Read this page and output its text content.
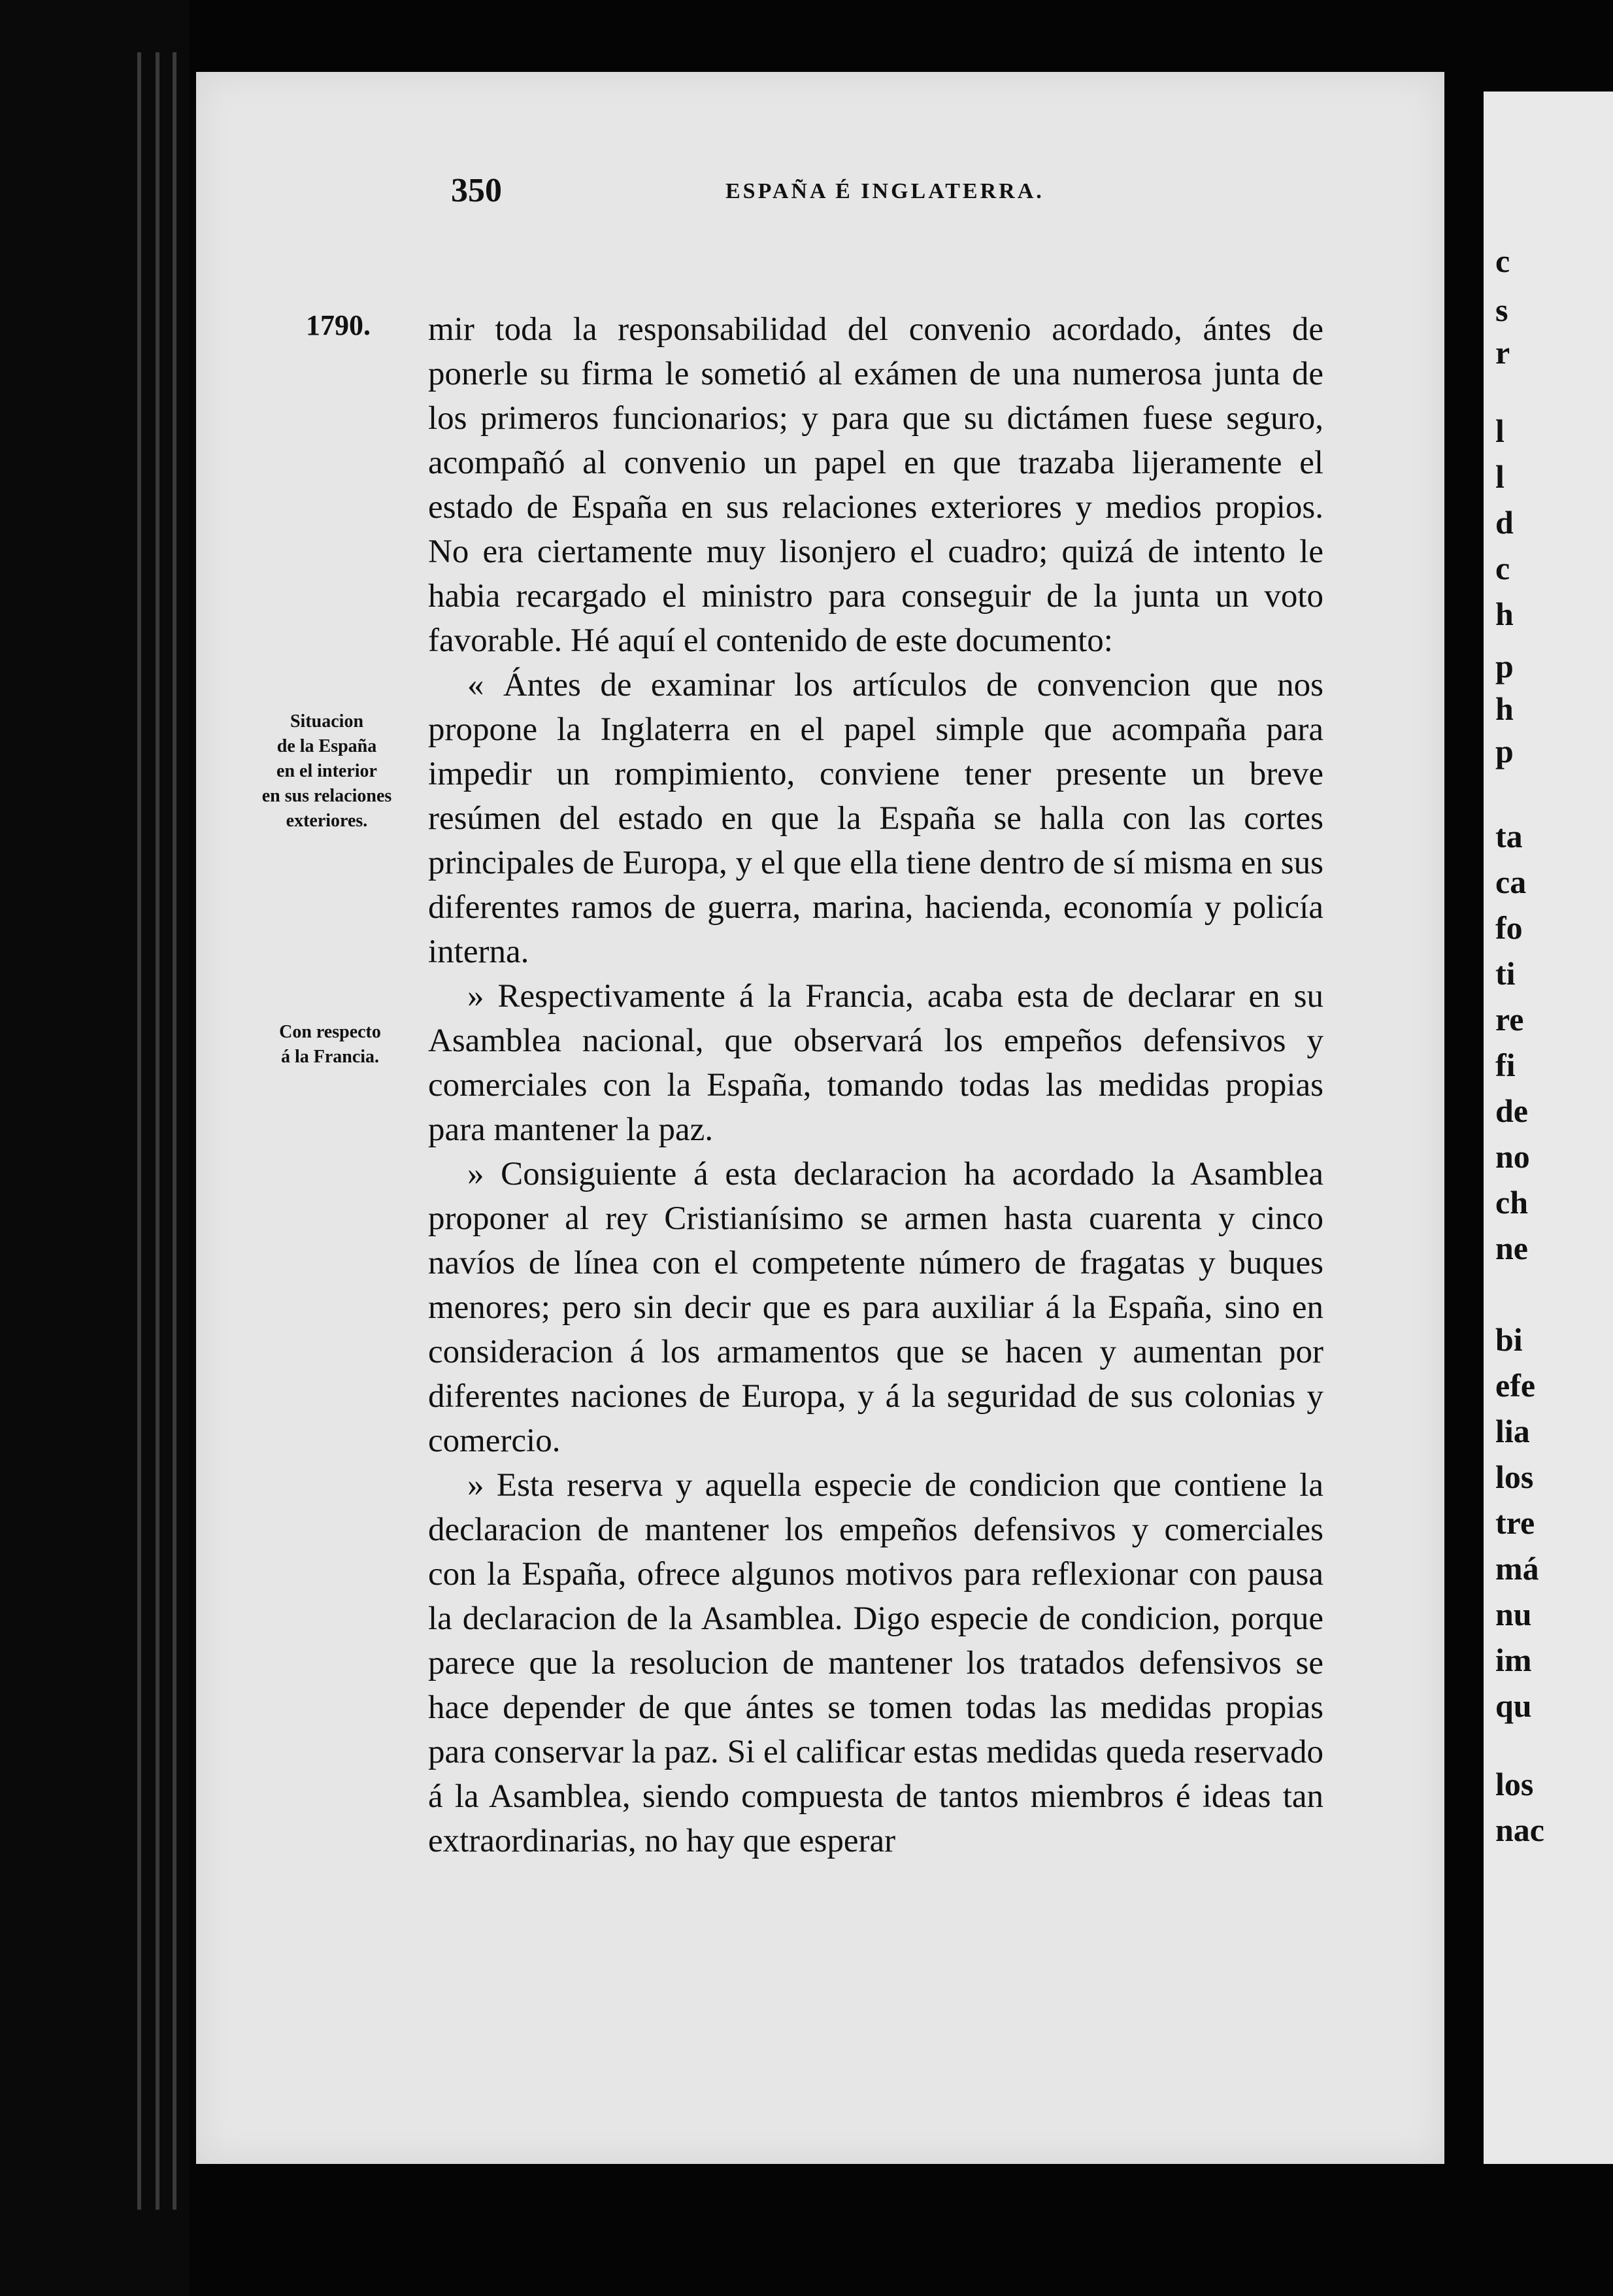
c
s
r
l
l
d
c
h
p
h
p
ta
ca
fo
ti
re
fi
de
no
ch
ne
bi
efe
lia
los
tre
má
nu
im
qu
los
nac
350	ESPAÑA É INGLATERRA.
1790.
Situacion
de la España
en el interior
en sus relaciones
exteriores.
Con respecto
á la Francia.

mir toda la responsabilidad del convenio acordado, ántes de ponerle su firma le sometió al exámen de una numerosa junta de los primeros funcionarios; y para que su dictámen fuese seguro, acompañó al convenio un papel en que trazaba lijeramente el estado de España en sus relaciones exteriores y medios propios. No era ciertamente muy lisonjero el cuadro; quizá de intento le habia recargado el ministro para conseguir de la junta un voto favorable. Hé aquí el contenido de este documento:

« Ántes de examinar los artículos de convencion que nos propone la Inglaterra en el papel simple que acompaña para impedir un rompimiento, conviene tener presente un breve resúmen del estado en que la España se halla con las cortes principales de Europa, y el que ella tiene dentro de sí misma en sus diferentes ramos de guerra, marina, hacienda, economía y policía interna.

» Respectivamente á la Francia, acaba esta de declarar en su Asamblea nacional, que observará los empeños defensivos y comerciales con la España, tomando todas las medidas propias para mantener la paz.

» Consiguiente á esta declaracion ha acordado la Asamblea proponer al rey Cristianísimo se armen hasta cuarenta y cinco navíos de línea con el competente número de fragatas y buques menores; pero sin decir que es para auxiliar á la España, sino en consideracion á los armamentos que se hacen y aumentan por diferentes naciones de Europa, y á la seguridad de sus colonias y comercio.

» Esta reserva y aquella especie de condicion que contiene la declaracion de mantener los empeños defensivos y comerciales con la España, ofrece algunos motivos para reflexionar con pausa la declaracion de la Asamblea. Digo especie de condicion, porque parece que la resolucion de mantener los tratados defensivos se hace depender de que ántes se tomen todas las medidas propias para conservar la paz. Si el calificar estas medidas queda reservado á la Asamblea, siendo compuesta de tantos miembros é ideas tan extraordinarias, no hay que esperar
